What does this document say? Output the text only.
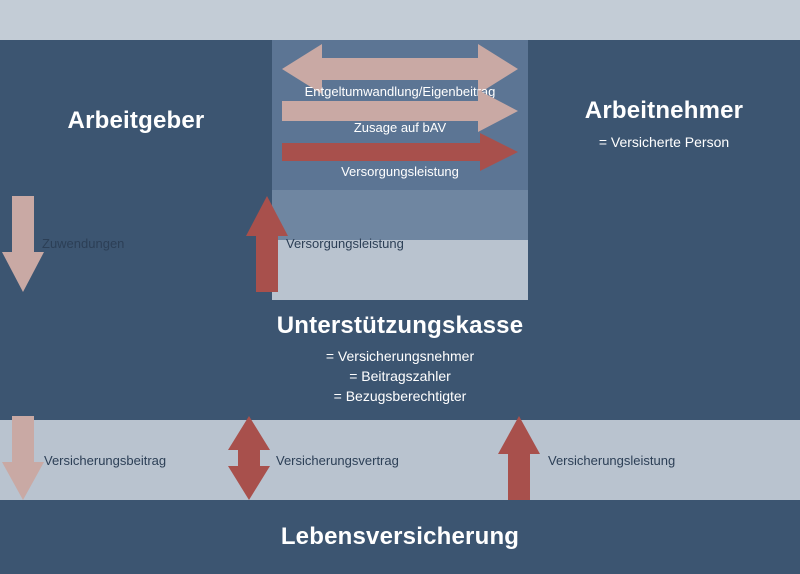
Arbeitgeber	Arbeitnehmer
= Versicherte Person
Entgeltumwandlung/Eigenbeitrag
Zusage auf bAV
Versorgungsleistung
Zuwendungen	Versorgungsleistung
Unterstützungskasse
= Versicherungsnehmer
= Beitragszahler
= Bezugsberechtigter
Versicherungsbeitrag	Versicherungsvertrag	Versicherungsleistung
Lebensversicherung
